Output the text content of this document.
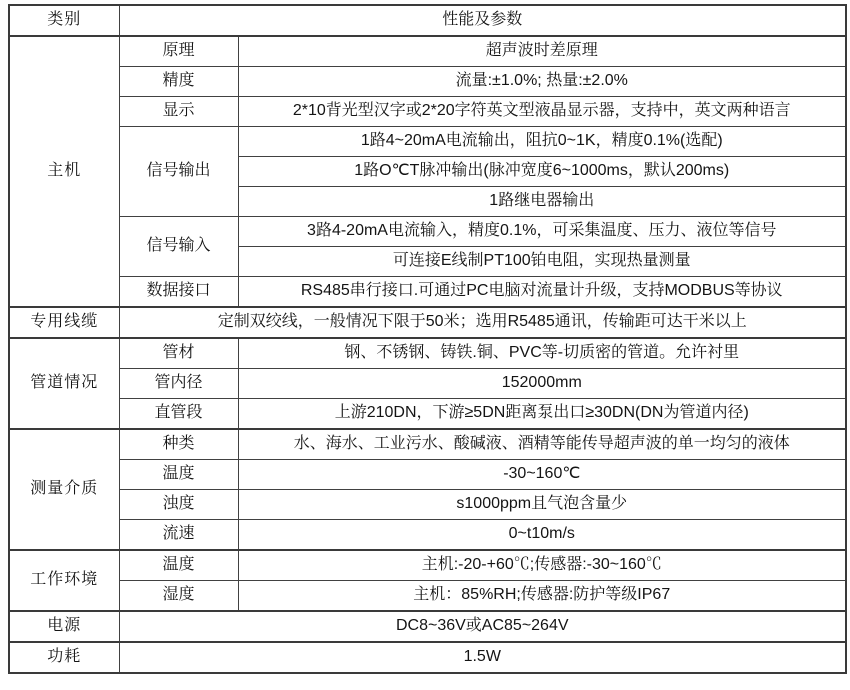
类别	性能及参数	
主机	原理	超声波时差原理
	精度	流量:±1.0%; 热量:±2.0%
	显示	2*10背光型汉字或2*20字符英文型液晶显示器，支持中，英文两种语言
	信号输出	1路4~20mA电流输出，阻抗0~1K，精度0.1%(选配)
		1路O℃T脉冲输出(脉冲宽度6~1000ms，默认200ms)
		1路继电器输出
	信号输入	3路4-20mA电流输入，精度0.1%，可采集温度、压力、液位等信号
		可连接E线制PT100铂电阻，实现热量测量
	数据接口	RS485串行接口.可通过PC电脑对流量计升级，支持MODBUS等协议
专用线缆	定制双绞线，一般情况下限于50米；选用R5485通讯，传输距可达干米以上	
管道情况	管材	钢、不锈钢、铸铁.铜、PVC等-切质密的管道。允许衬里
	管内径	152000mm
	直管段	上游210DN，下游≥5DN距离泵出口≥30DN(DN为管道内径)
测量介质	种类	水、海水、工业污水、酸碱液、酒精等能传导超声波的单一均匀的液体
	温度	-30~160℃
	浊度	s1000ppm且气泡含量少
	流速	0~t10m/s
工作环境	温度	主机:-20-+60℃;传感器:-30~160℃
	湿度	主机：85%RH;传感器:防护等级IP67
电源	DC8~36V或AC85~264V	
功耗	1.5W	
